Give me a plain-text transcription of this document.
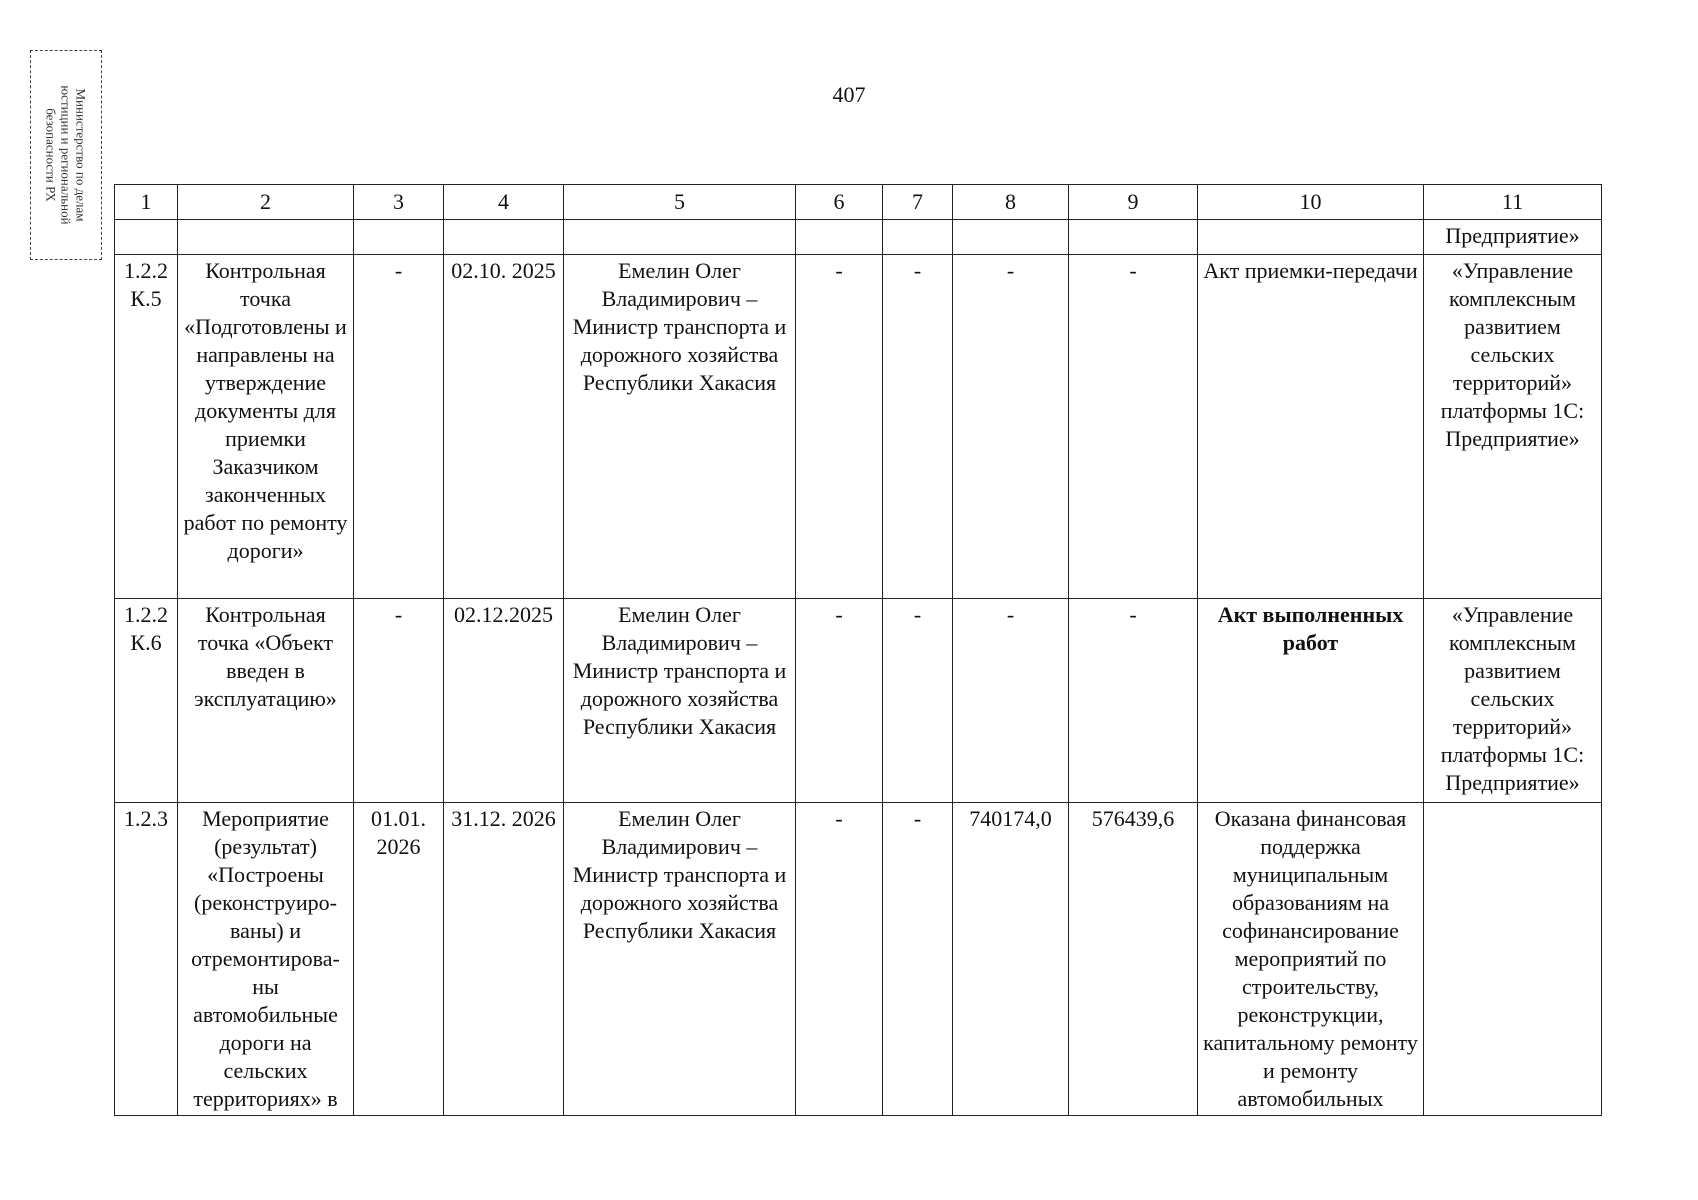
Министерство по делам
юстиции и региональной
безопасности РХ
407
1	2	3	4	5	6	7	8	9	10	11
										Предприятие»
1.2.2 К.5	Контрольная точка «Подготовлены и направлены на утверждение документы для приемки Заказчиком законченных работ по ремонту дороги»	-	02.10. 2025	Емелин Олег Владимирович – Министр транспорта и дорожного хозяйства Республики Хакасия	-	-	-	-	Акт приемки-передачи	«Управление комплексным развитием сельских территорий» платформы 1С: Предприятие»
1.2.2 К.6	Контрольная точка «Объект введен в эксплуатацию»	-	02.12.2025	Емелин Олег Владимирович – Министр транспорта и дорожного хозяйства Республики Хакасия	-	-	-	-	Акт выполненных работ	«Управление комплексным развитием сельских территорий» платформы 1С: Предприятие»
1.2.3	Мероприятие (результат) «Построены (реконструиро-ваны) и отремонтирова-ны автомобильные дороги на сельских территориях» в	01.01. 2026	31.12. 2026	Емелин Олег Владимирович – Министр транспорта и дорожного хозяйства Республики Хакасия	-	-	740174,0	576439,6	Оказана финансовая поддержка муниципальным образованиям на софинансирование мероприятий по строительству, реконструкции, капитальному ремонту и ремонту автомобильных	
